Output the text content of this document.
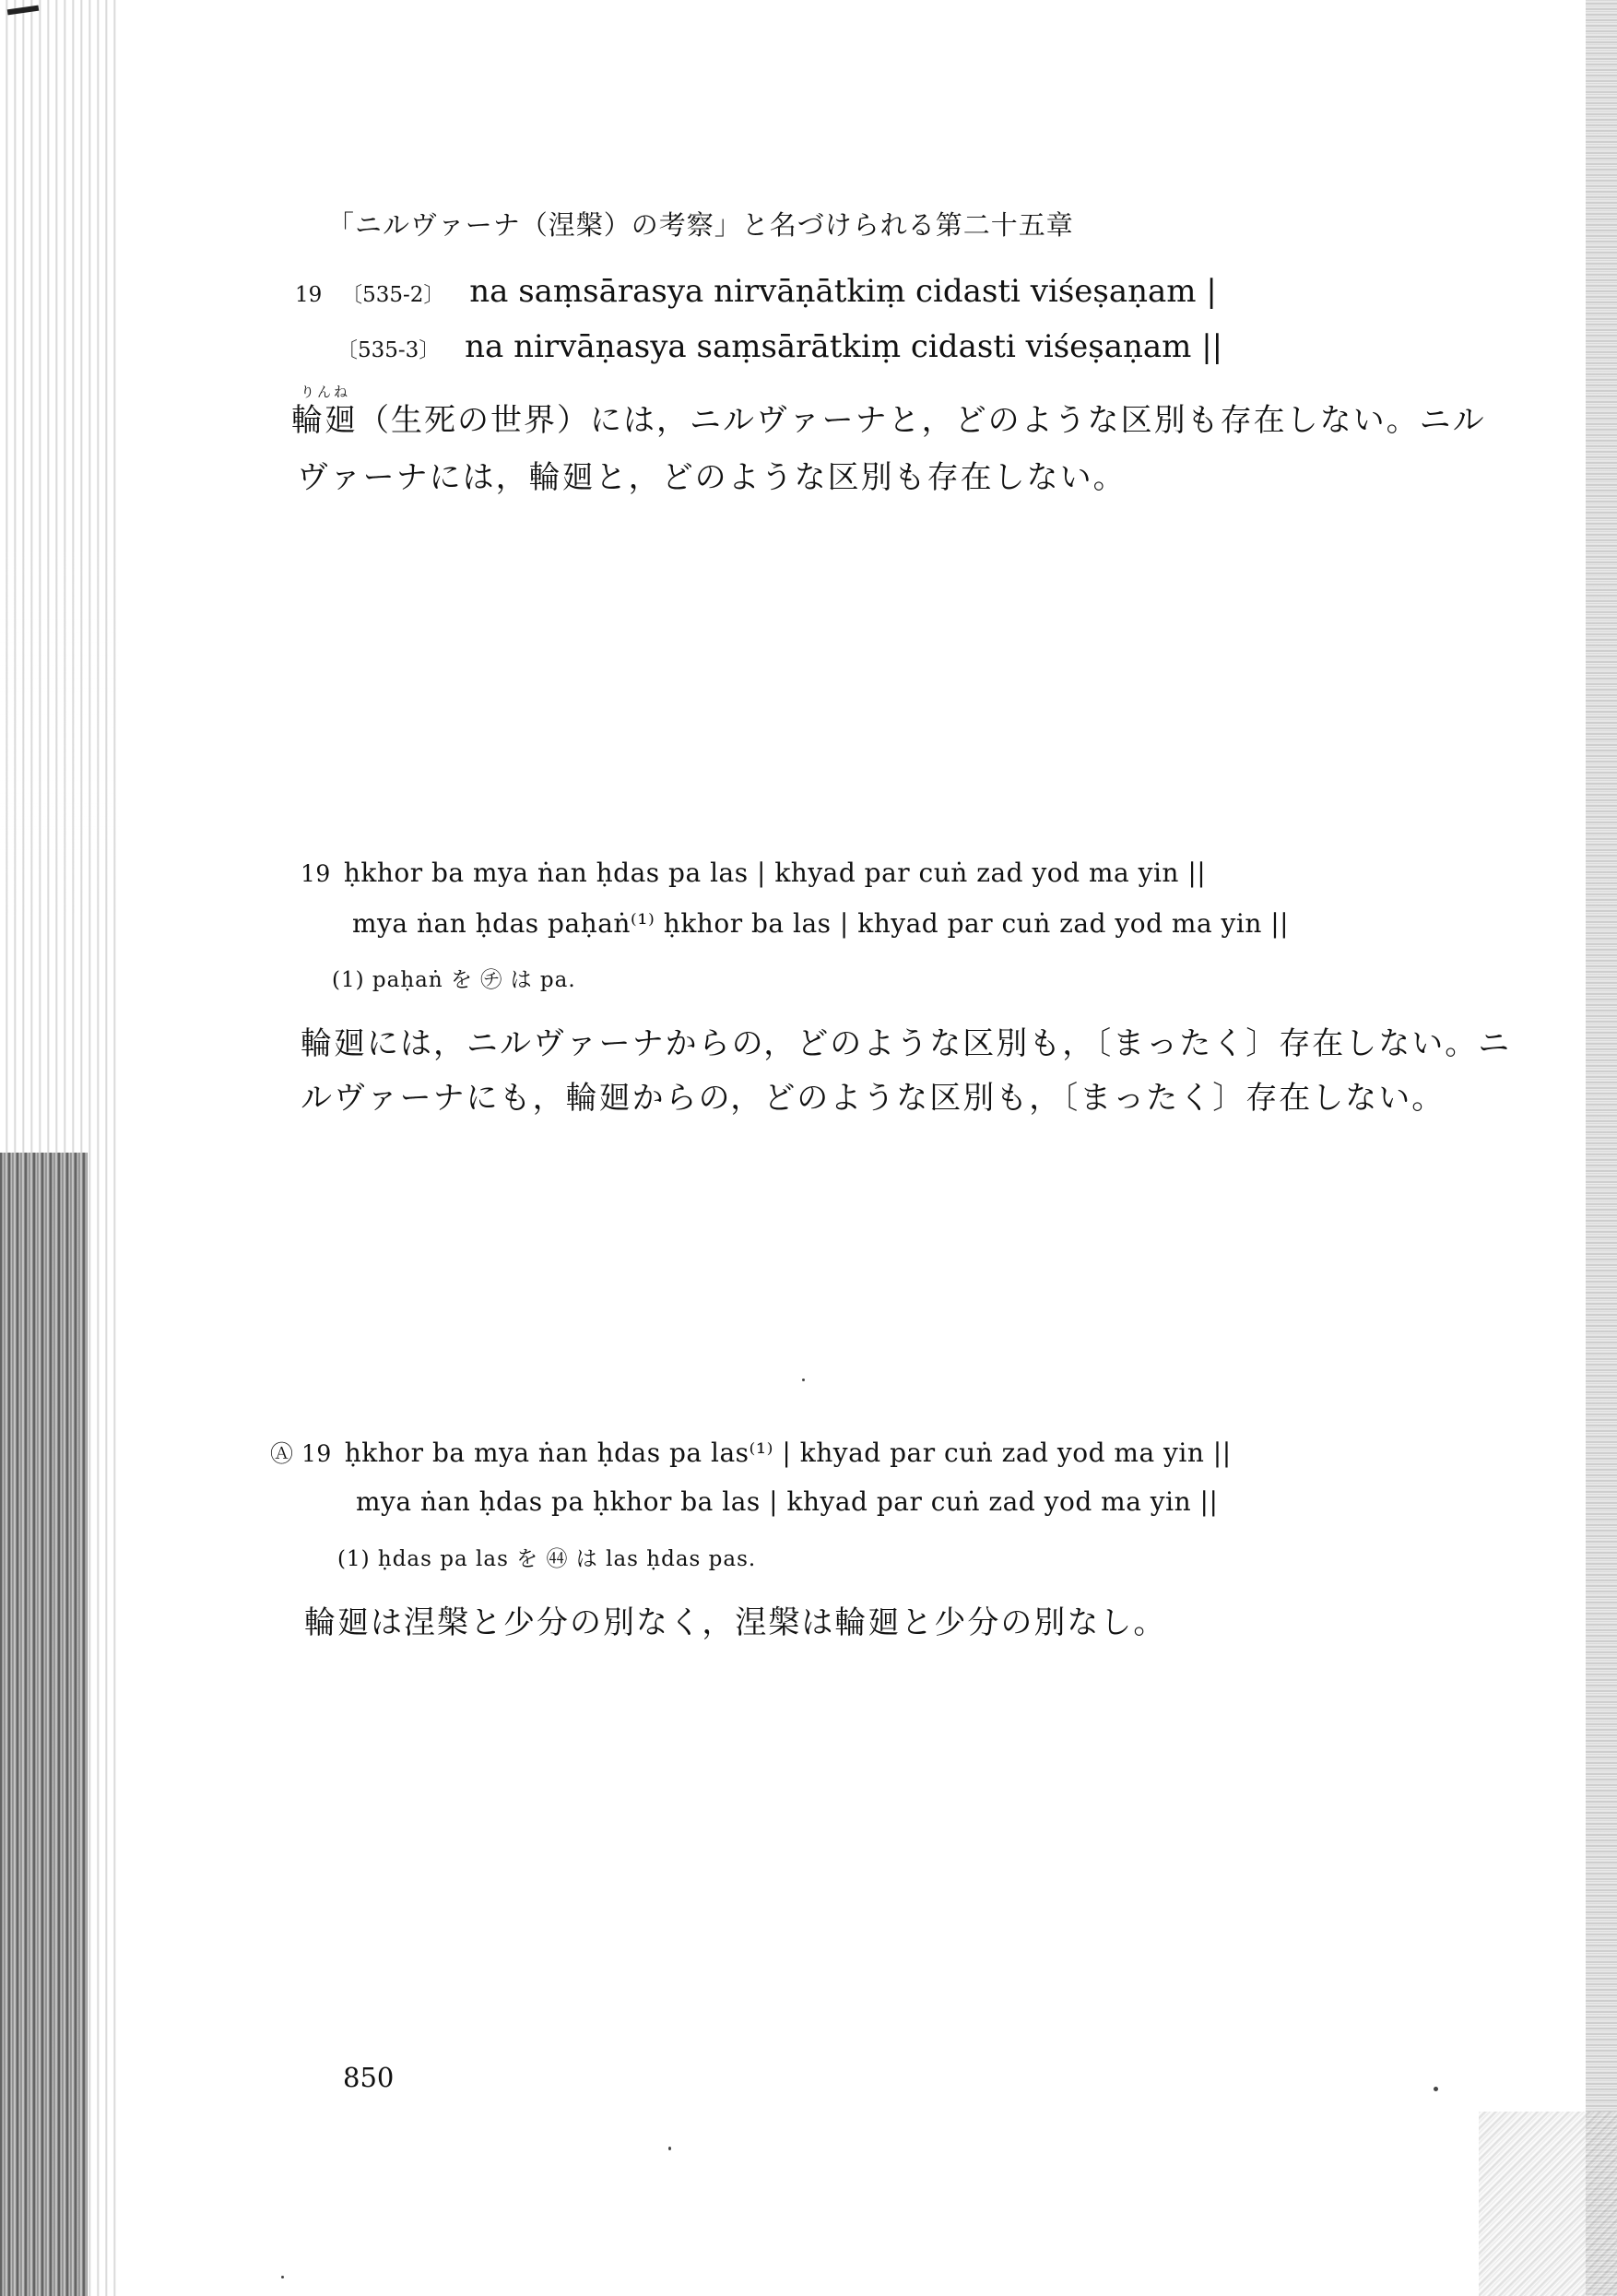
「ニルヴァーナ（涅槃）の考察」と名づけられる第二十五章
19 〔535-2〕 na saṃsārasya nirvāṇātkiṃ cidasti viśeṣaṇam |
〔535-3〕 na nirvāṇasya saṃsārātkiṃ cidasti viśeṣaṇam ||
りんね
輪廻（生死の世界）には，ニルヴァーナと，どのような区別も存在しない。ニル
ヴァーナには，輪廻と，どのような区別も存在しない。
19 ḥkhor ba mya ṅan ḥdas pa las | khyad par cuṅ zad yod ma yin ||
mya ṅan ḥdas paḥaṅ⁽¹⁾ ḥkhor ba las | khyad par cuṅ zad yod ma yin ||
(1) paḥaṅ を ㋠ は pa.
輪廻には，ニルヴァーナからの，どのような区別も，〔まったく〕存在しない。ニ
ルヴァーナにも，輪廻からの，どのような区別も，〔まったく〕存在しない。
Ⓐ 19 ḥkhor ba mya ṅan ḥdas pa las⁽¹⁾ | khyad par cuṅ zad yod ma yin ||
mya ṅan ḥdas pa ḥkhor ba las | khyad par cuṅ zad yod ma yin ||
(1) ḥdas pa las を ㊹ は las ḥdas pas.
輪廻は涅槃と少分の別なく，涅槃は輪廻と少分の別なし。
850
